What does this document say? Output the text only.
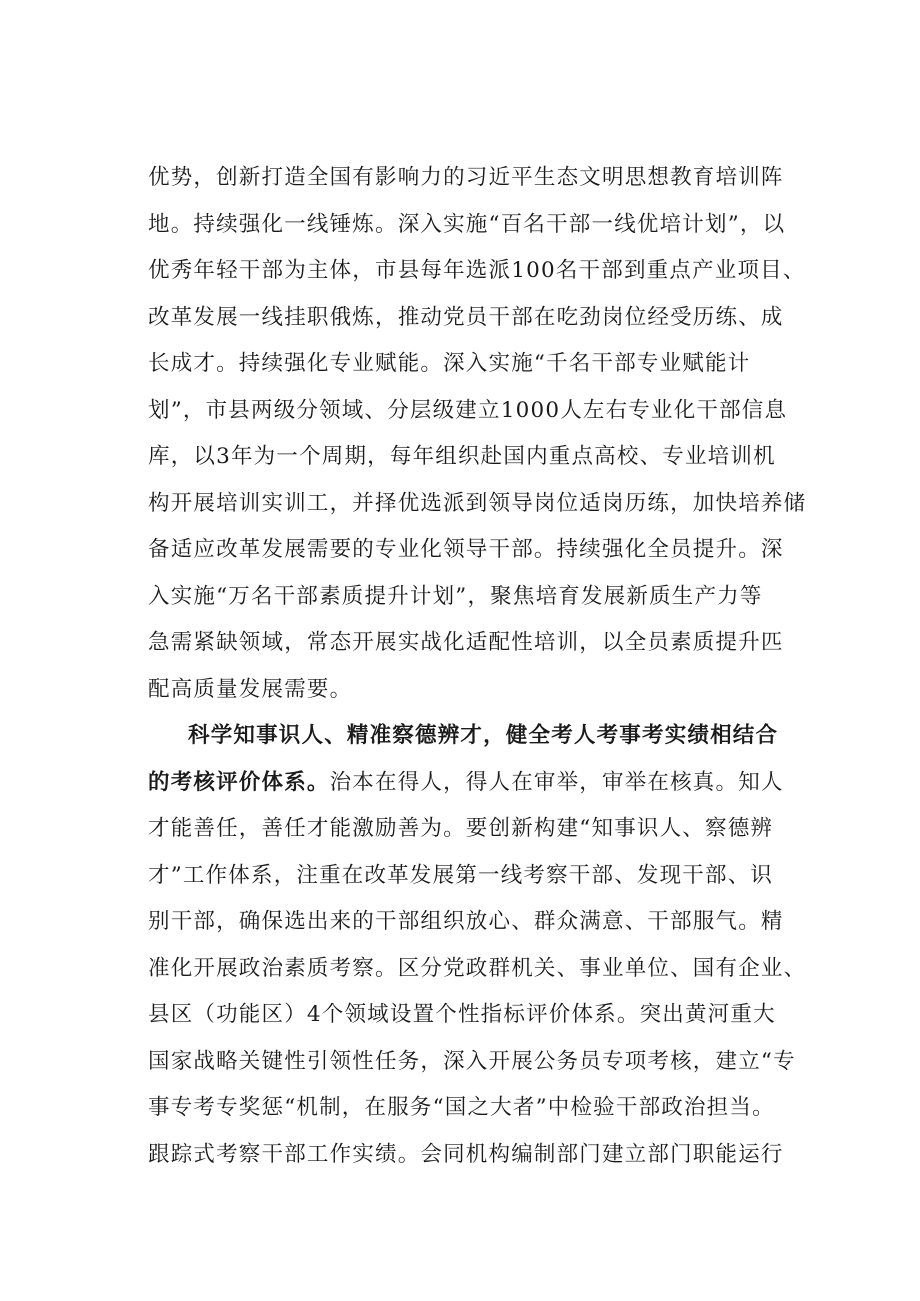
优势，创新打造全国有影响力的习近平生态文明思想教育培训阵
地。持续强化一线锤炼。深入实施“百名干部一线优培计划”，以
优秀年轻干部为主体，市县每年选派100名干部到重点产业项目、
改革发展一线挂职俄炼，推动党员干部在吃劲岗位经受历练、成
长成才。持续强化专业赋能。深入实施“千名干部专业赋能计
划”，市县两级分领域、分层级建立1000人左右专业化干部信息
库，以3年为一个周期，每年组织赴国内重点高校、专业培训机
构开展培训实训工，并择优选派到领导岗位适岗历练，加快培养储
备适应改革发展需要的专业化领导干部。持续强化全员提升。深
入实施“万名干部素质提升计划”，聚焦培育发展新质生产力等
急需紧缺领域，常态开展实战化适配性培训，以全员素质提升匹
配高质量发展需要。
科学知事识人、精准察德辨才，健全考人考事考实绩相结合
的考核评价体系。治本在得人，得人在审举，审举在核真。知人
才能善任，善任才能激励善为。要创新构建“知事识人、察德辨
才”工作体系，注重在改革发展第一线考察干部、发现干部、识
别干部，确保选出来的干部组织放心、群众满意、干部服气。精
准化开展政治素质考察。区分党政群机关、事业单位、国有企业、
县区（功能区）4个领域设置个性指标评价体系。突出黄河重大
国家战略关键性引领性任务，深入开展公务员专项考核，建立“专
事专考专奖惩“机制，在服务“国之大者”中检验干部政治担当。
跟踪式考察干部工作实绩。会同机构编制部门建立部门职能运行
